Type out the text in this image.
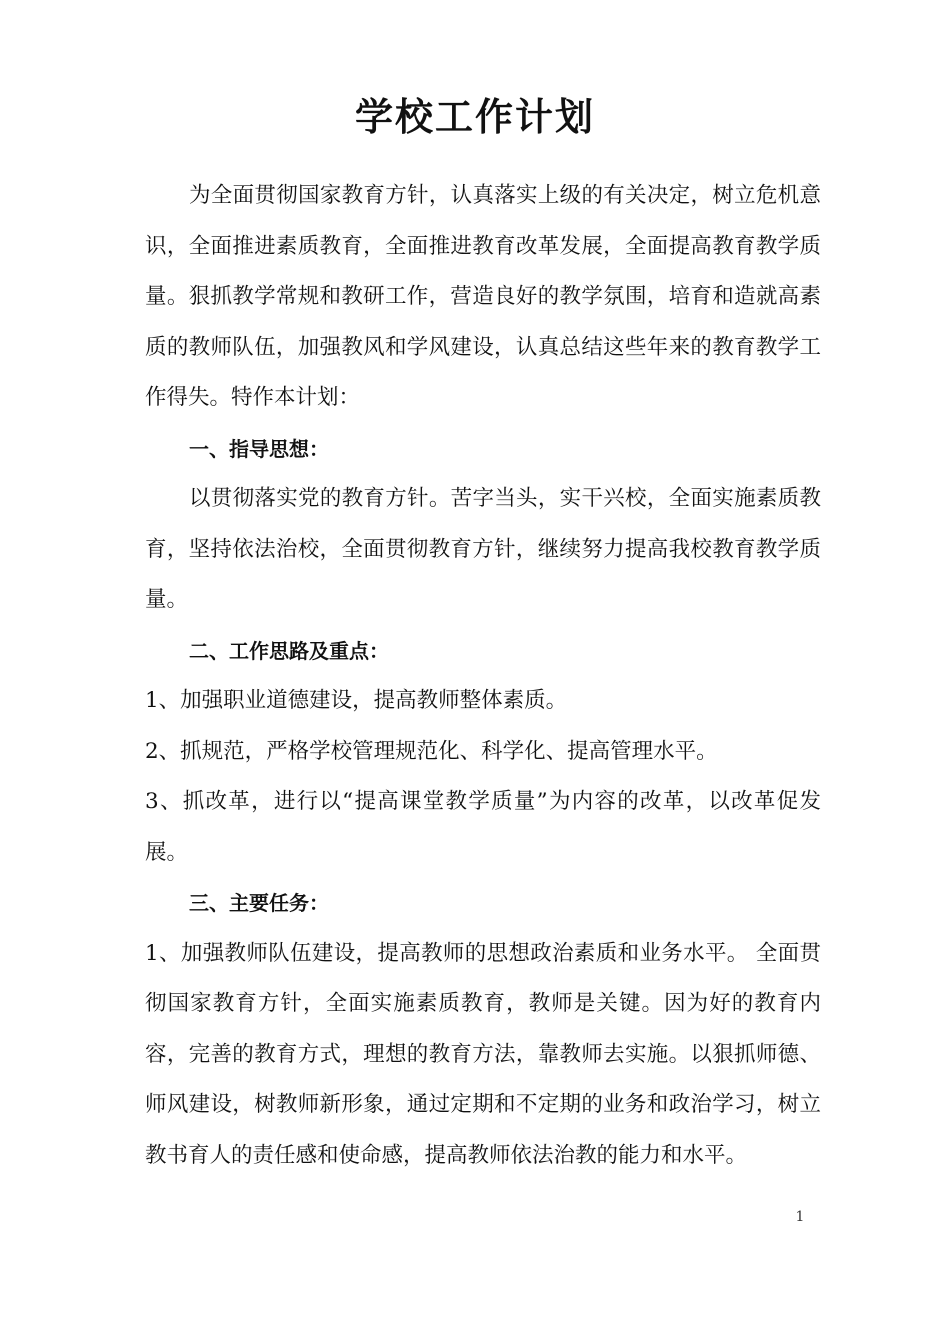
学校工作计划

为全面贯彻国家教育方针，认真落实上级的有关决定，树立危机意识，全面推进素质教育，全面推进教育改革发展，全面提高教育教学质量。狠抓教学常规和教研工作，营造良好的教学氛围，培育和造就高素质的教师队伍，加强教风和学风建设，认真总结这些年来的教育教学工作得失。特作本计划：

一、指导思想：

以贯彻落实党的教育方针。苦字当头，实干兴校，全面实施素质教育，坚持依法治校，全面贯彻教育方针，继续努力提高我校教育教学质量。

二、工作思路及重点：

1、加强职业道德建设，提高教师整体素质。

2、抓规范，严格学校管理规范化、科学化、提高管理水平。

3、抓改革，进行以“提高课堂教学质量”为内容的改革，以改革促发展。

三、主要任务：

1、加强教师队伍建设，提高教师的思想政治素质和业务水平。 全面贯彻国家教育方针，全面实施素质教育，教师是关键。因为好的教育内容，完善的教育方式，理想的教育方法，靠教师去实施。以狠抓师德、师风建设，树教师新形象，通过定期和不定期的业务和政治学习，树立教书育人的责任感和使命感，提高教师依法治教的能力和水平。

1
